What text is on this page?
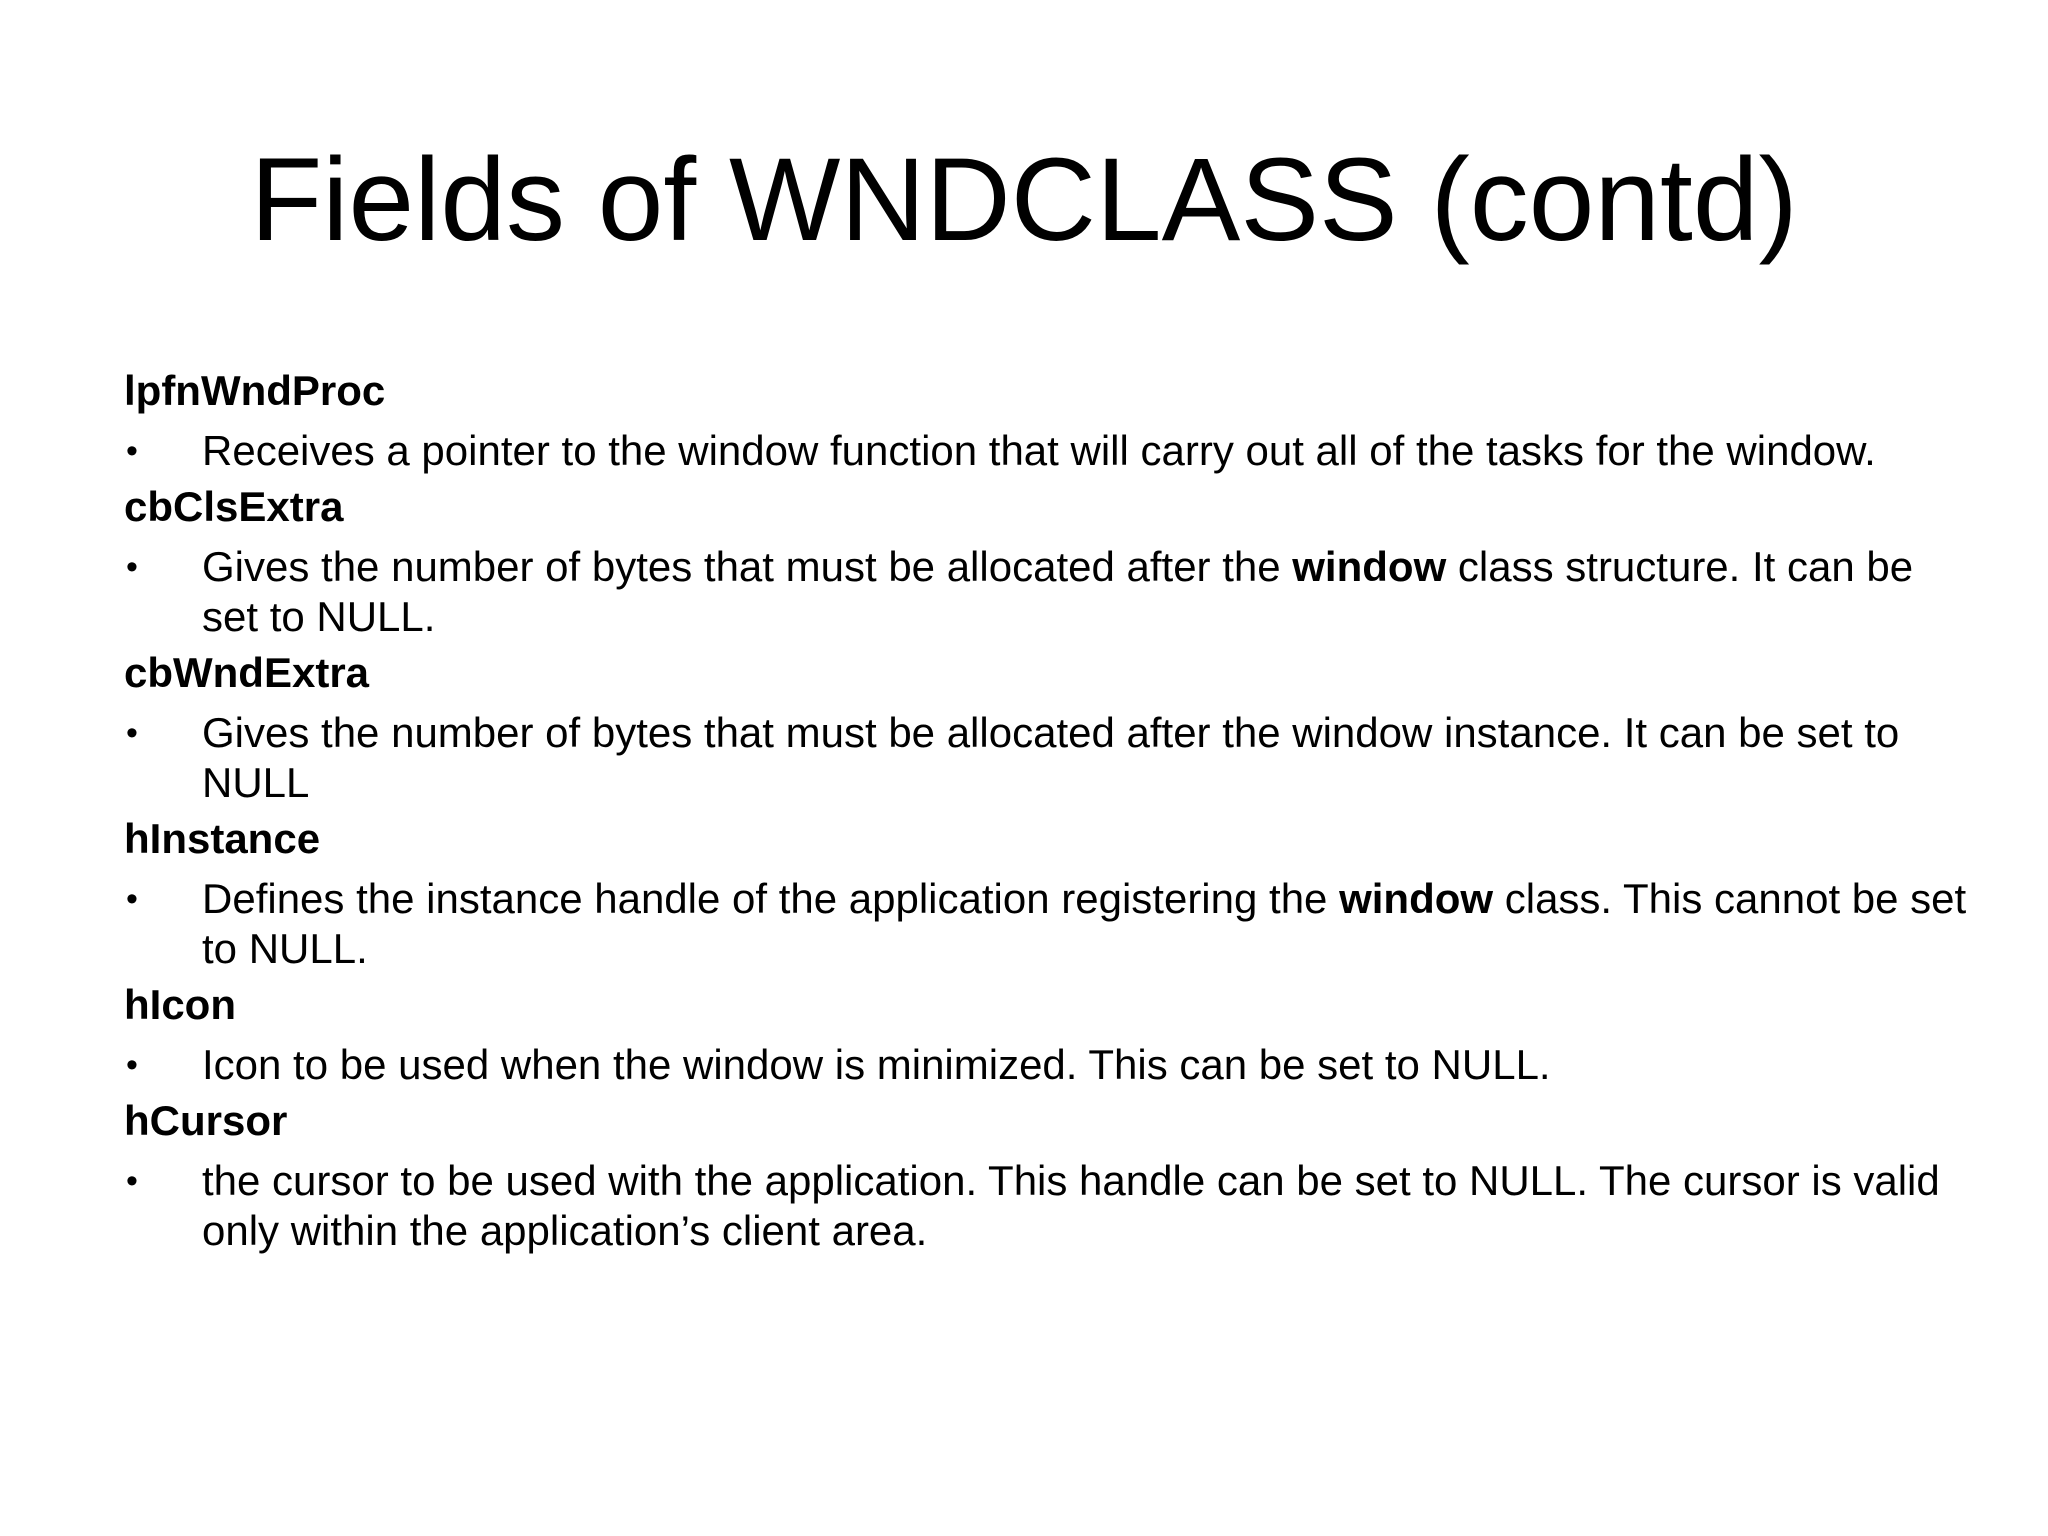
Fields of WNDCLASS (contd)
lpfnWndProc
• Receives a pointer to the window function that will carry out all of the tasks for the window.
cbClsExtra
• Gives the number of bytes that must be allocated after the window class structure. It can be set to NULL.
cbWndExtra
• Gives the number of bytes that must be allocated after the window instance. It can be set to NULL
hInstance
• Defines the instance handle of the application registering the window class. This cannot be set to NULL.
hIcon
• Icon to be used when the window is minimized. This can be set to NULL.
hCursor
• the cursor to be used with the application. This handle can be set to NULL. The cursor is valid only within the application’s client area.
